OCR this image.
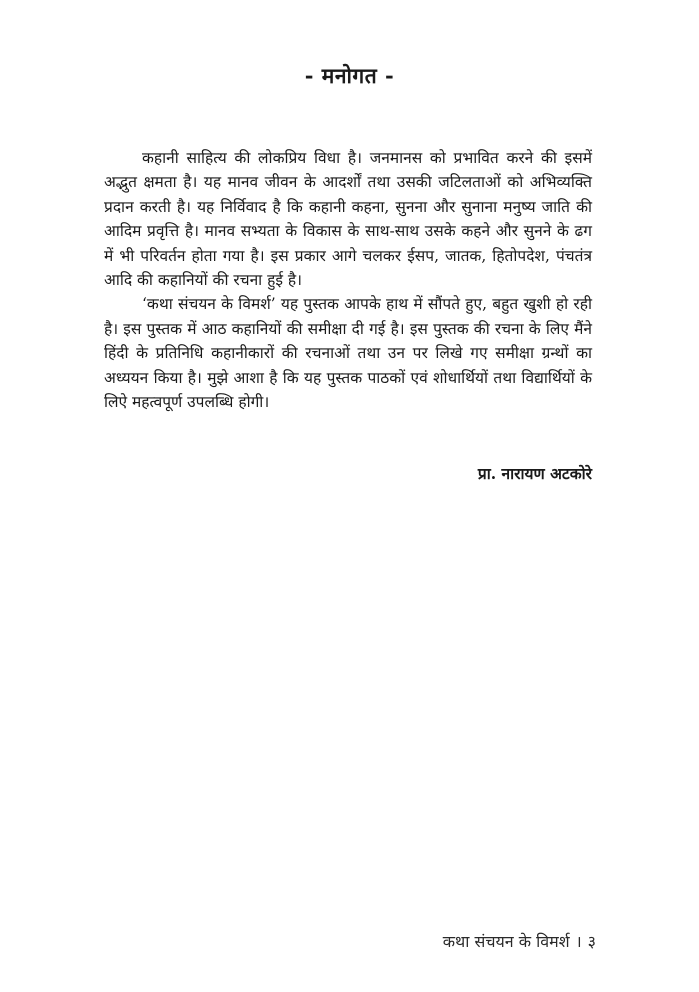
- मनोगत -

कहानी साहित्य की लोकप्रिय विधा है। जनमानस को प्रभावित करने की इसमें अद्भुत क्षमता है। यह मानव जीवन के आदर्शों तथा उसकी जटिलताओं को अभिव्यक्ति प्रदान करती है। यह निर्विवाद है कि कहानी कहना, सुनना और सुनाना मनुष्य जाति की आदिम प्रवृत्ति है। मानव सभ्यता के विकास के साथ-साथ उसके कहने और सुनने के ढग में भी परिवर्तन होता गया है। इस प्रकार आगे चलकर ईसप, जातक, हितोपदेश, पंचतंत्र आदि की कहानियों की रचना हुई है।

‘कथा संचयन के विमर्श’ यह पुस्तक आपके हाथ में सौंपते हुए, बहुत खुशी हो रही है। इस पुस्तक में आठ कहानियों की समीक्षा दी गई है। इस पुस्तक की रचना के लिए मैंने हिंदी के प्रतिनिधि कहानीकारों की रचनाओं तथा उन पर लिखे गए समीक्षा ग्रन्थों का अध्ययन किया है। मुझे आशा है कि यह पुस्तक पाठकों एवं शोधार्थियों तथा विद्यार्थियों के लिऐ महत्वपूर्ण उपलब्धि होगी।

प्रा. नारायण अटकोरे
कथा संचयन के विमर्श । ३
